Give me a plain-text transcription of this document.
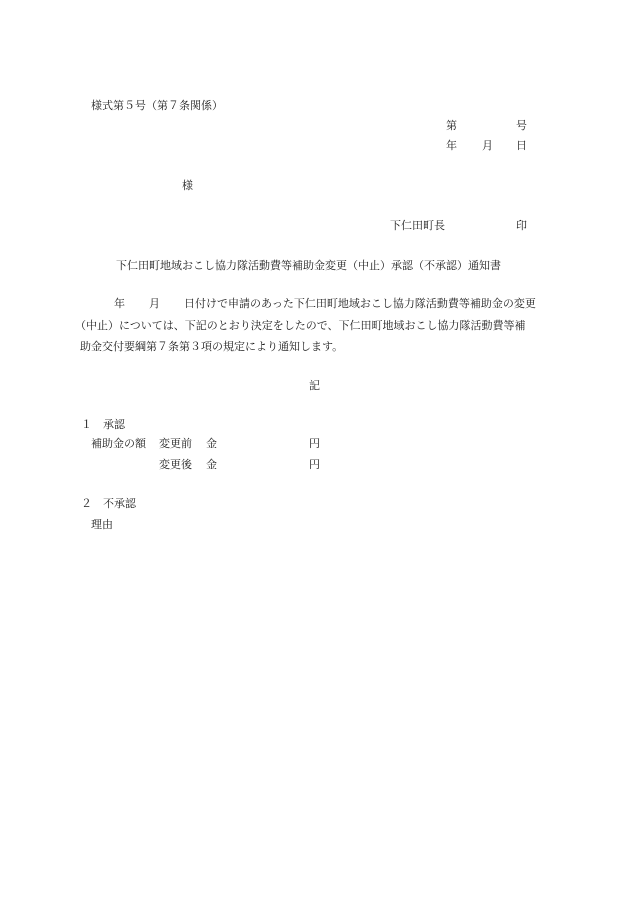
様式第５号（第７条関係）
第	号
年 月 日
様
下仁田町長	印
下仁田町地域おこし協力隊活動費等補助金変更（中止）承認（不承認）通知書
年 月 日付けで申請のあった下仁田町地域おこし協力隊活動費等補助金の変更
（中止）については、下記のとおり決定をしたので、下仁田町地域おこし協力隊活動費等補
助金交付要綱第７条第３項の規定により通知します。
記
１　承認
補助金の額 変更前 金	円
変更後 金	円
２　不承認
理由
